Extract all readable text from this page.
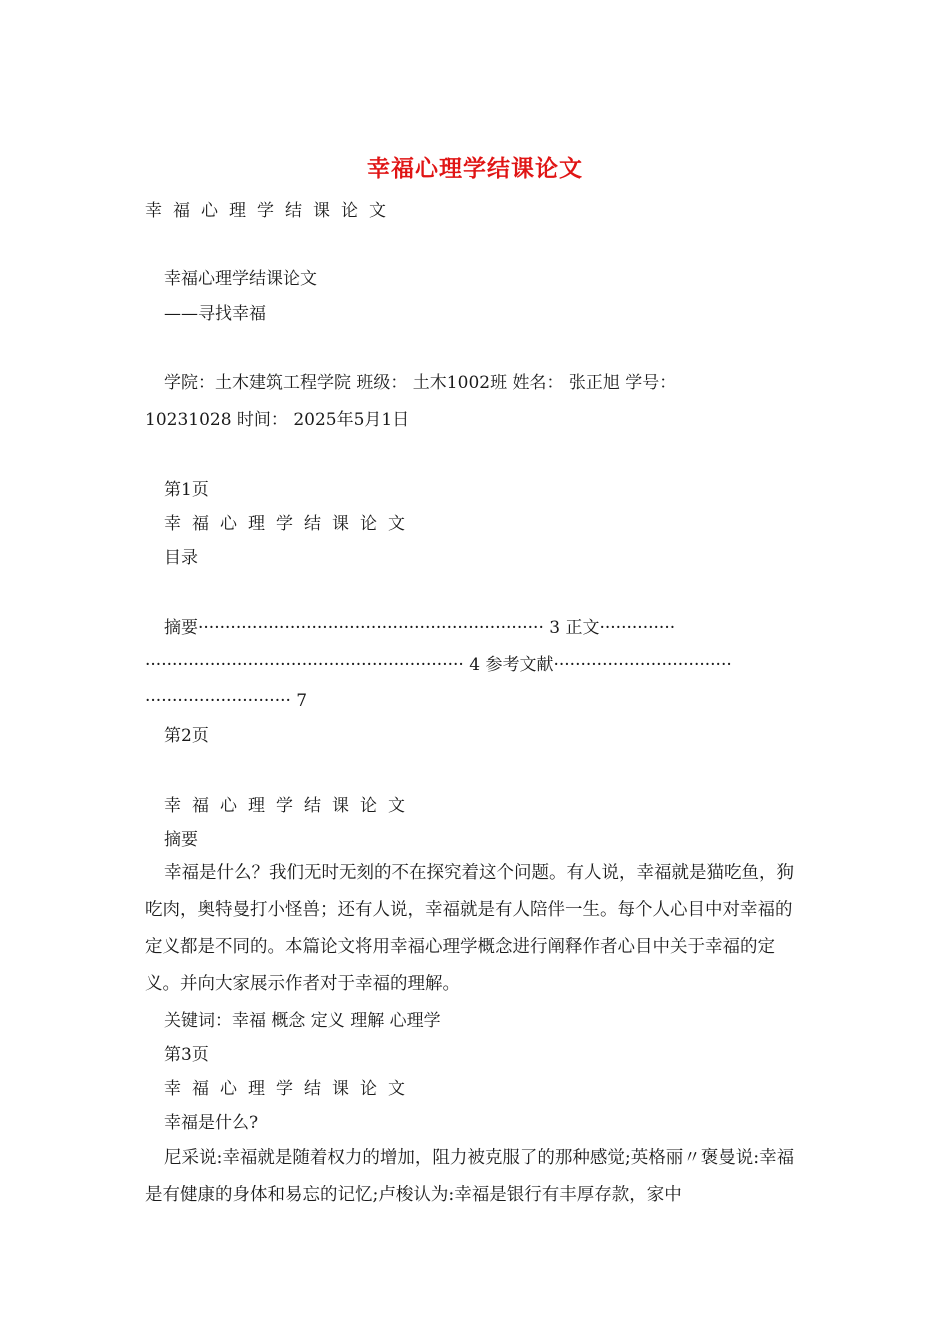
幸福心理学结课论文
幸福心理学结课论文
幸福心理学结课论文
——寻找幸福
学院：土木建筑工程学院 班级： 土木1002班 姓名： 张正旭 学号：
10231028 时间： 2025年5月1日
第1页
幸福心理学结课论文
目录
摘要································································ 3 正文··············
··························································· 4 参考文献·································
··························· 7
第2页
幸福心理学结课论文
摘要
幸福是什么？我们无时无刻的不在探究着这个问题。有人说，幸福就是猫吃鱼，狗吃肉，奥特曼打小怪兽；还有人说，幸福就是有人陪伴一生。每个人心目中对幸福的定义都是不同的。本篇论文将用幸福心理学概念进行阐释作者心目中关于幸福的定义。并向大家展示作者对于幸福的理解。
关键词：幸福 概念 定义 理解 心理学
第3页
幸福心理学结课论文
幸福是什么?
尼采说:幸福就是随着权力的增加，阻力被克服了的那种感觉;英格丽〃褒曼说:幸福是有健康的身体和易忘的记忆;卢梭认为:幸福是银行有丰厚存款，家中
